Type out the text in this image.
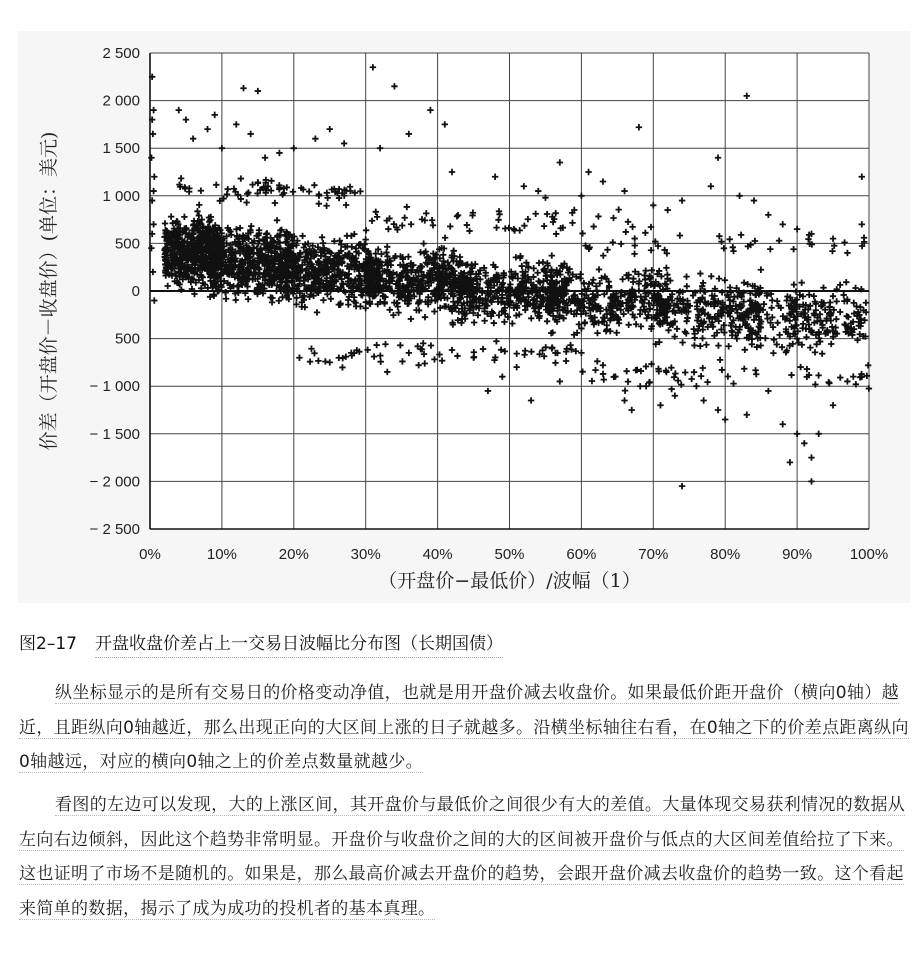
2 500
2 000
1 500
1 000
500
0
500
− 1 000
− 1 500
− 2 000
− 2 500
0%	10%	20%	30%	40%	50%	60%	70%	80%	90%	100%
（开盘价−最低价）/波幅（1）
价差（开盘价－收盘价）(单位：美元)
图2–17 开盘收盘价差占上一交易日波幅比分布图（长期国债）
纵坐标显示的是所有交易日的价格变动净值，也就是用开盘价减去收盘价。如果最低价距开盘价（横向0轴）越近，且距纵向0轴越近，那么出现正向的大区间上涨的日子就越多。沿横坐标轴往右看，在0轴之下的价差点距离纵向0轴越远，对应的横向0轴之上的价差点数量就越少。
看图的左边可以发现，大的上涨区间，其开盘价与最低价之间很少有大的差值。大量体现交易获利情况的数据从左向右边倾斜，因此这个趋势非常明显。开盘价与收盘价之间的大的区间被开盘价与低点的大区间差值给拉了下来。这也证明了市场不是随机的。如果是，那么最高价减去开盘价的趋势，会跟开盘价减去收盘价的趋势一致。这个看起来简单的数据，揭示了成为成功的投机者的基本真理。
